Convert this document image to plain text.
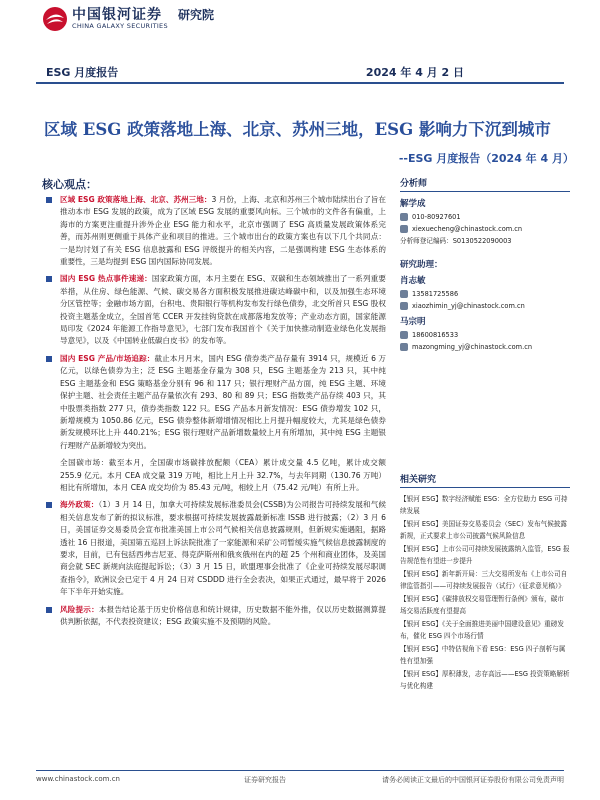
中国银河证券
CHINA GALAXY SECURITIES
研究院
ESG 月度报告	2024 年 4 月 2 日
区域 ESG 政策落地上海、北京、苏州三地，ESG 影响力下沉到城市
--ESG 月度报告（2024 年 4 月）
核心观点：

区域 ESG 政策落地上海、北京、苏州三地：3 月份，上海、北京和苏州三个城市陆续出台了旨在推动本市 ESG 发展的政策，成为了区域 ESG 发展的重要风向标。三个城市的文件各有偏重，上海市的方案更注重提升涉外企业 ESG 能力和水平，北京市强调了 ESG 高质量发展政策体系完善，而苏州则更侧重于具体产业和项目的推进。三个城市出台的政策方案也有以下几个共同点：一是均讨划了有关 ESG 信息披露和 ESG 评级提升的相关内容，二是强调构建 ESG 生态体系的重要性，三是均提到 ESG 国内国际协同发展。

国内 ESG 热点事件速递：国家政策方面，本月主要在 ESG、双碳和生态领域推出了一系列重要举措，从住房、绿色能源、气候、碳交易各方面积极发展推进碳达峰碳中和，以及加强生态环境分区管控等；金融市场方面，台积电、贵阳银行等机构发布发行绿色债券，北交所首只 ESG 股权投资主题基金成立，全国首笔 CCER 开发挂钩贷款在成都落地发放等；产业动态方面，国家能源局印发《2024 年能源工作指导意见》，七部门发布我国首个《关于加快推动制造业绿色化发展指导意见》，以及《中国转业低碳白皮书》的发布等。

国内 ESG 产品/市场追踪：截止本月月末，国内 ESG 债券类产品存量有 3914 只，规模近 6 万亿元，以绿色债券为主；泛 ESG 主题基金存量为 308 只，ESG 主题基金为 213 只，其中纯 ESG 主题基金和 ESG 策略基金分别有 96 和 117 只；银行理财产品方面，纯 ESG 主题、环境保护主题、社会责任主题产品存量依次有 293、80 和 89 只；ESG 指数类产品存续 403 只，其中股票类指数 277 只，债券类指数 122 只。ESG 产品本月新发情况：ESG 债券增发 102 只，新增规模为 1050.86 亿元，ESG 债券整体新增增情况相比上月提升幅度较大，尤其是绿色债券新发规模环比上升 440.21%；ESG 银行理财产品新增数量较上月有所增加，其中纯 ESG 主题银行理财产品新增较为突出。

全国碳市场：截至本月，全国碳市场碳排放配额（CEA）累计成交量 4.5 亿吨，累计成交额 255.9 亿元。本月 CEA 成交量 319 万吨，相比上月上升 32.7%，与去年同期（130.76 万吨）相比有所增加，本月 CEA 成交均价为 85.43 元/吨，相较上月（75.42 元/吨）有所上升。

海外政策：（1）3 月 14 日，加拿大可持续发展标准委员会(CSSB)为公司报告可持续发展和气候相关信息发布了新的拟议标准，要求根据可持续发展披露最新标准 ISSB 进行披露；（2）3 月 6 日，美国证券交易委员会宣布批准美国上市公司气候相关信息披露规则，但新规实施遇阻，据路透社 16 日报道，美国第五巡回上诉法院批准了一家能源和采矿公司暂缓实施气候信息披露制度的要求，目前，已有包括西弗吉尼亚、得克萨斯州和俄亥俄州在内的超 25 个州和商业团体，及美国商会就 SEC 新规向法庭提起诉讼；（3）3 月 15 日，欧盟理事会批准了《企业可持续发展尽职调查指令》，欧洲议会已定于 4 月 24 日对 CSDDD 进行全会表决，如果正式通过，最早将于 2026 年下半年开始实施。

风险提示：本报告结论基于历史价格信息和统计规律，历史数据不能外推，仅以历史数据测算提供判断依据，不代表投资建议；ESG 政策实施不及预期的风险。

分析师
解学成
010-80927601
xiexuecheng@chinastock.com.cn
分析师登记编码：S0130522090003
研究助理：
肖志敏
13581725586
xiaozhimin_yj@chinastock.com.cn
马宗明
18600816533
mazongming_yj@chinastock.com.cn
相关研究
【银河 ESG】数字经济赋能 ESG：全方位助力 ESG 可持续发展
【银河 ESG】美国证券交易委员会（SEC）发布气候披露新规，正式要求上市公司披露气候风险信息
【银河 ESG】上市公司可持续发展披露纳入监管，ESG 报告规范性有望进一步提升
【银河 ESG】新年新开局：三大交易所发布《上市公司自律监管指引——可持续发展报告（试行）（征求意见稿）》
【银河 ESG】《碳排放权交易管理暂行条例》颁布，碳市场交易活跃度有望提高
【银河 ESG】《关于全面推进美丽中国建设意见》重磅发布，催化 ESG 四个市场行情
【银河 ESG】中特估视角下看 ESG：ESG 四子剖析与属性有望加强
【银河 ESG】厚积薄发，志存高远——ESG 投资策略解析与优化构建
www.chinastock.com.cn	证券研究报告	请务必阅读正文最后的中国银河证券股份有限公司免责声明
